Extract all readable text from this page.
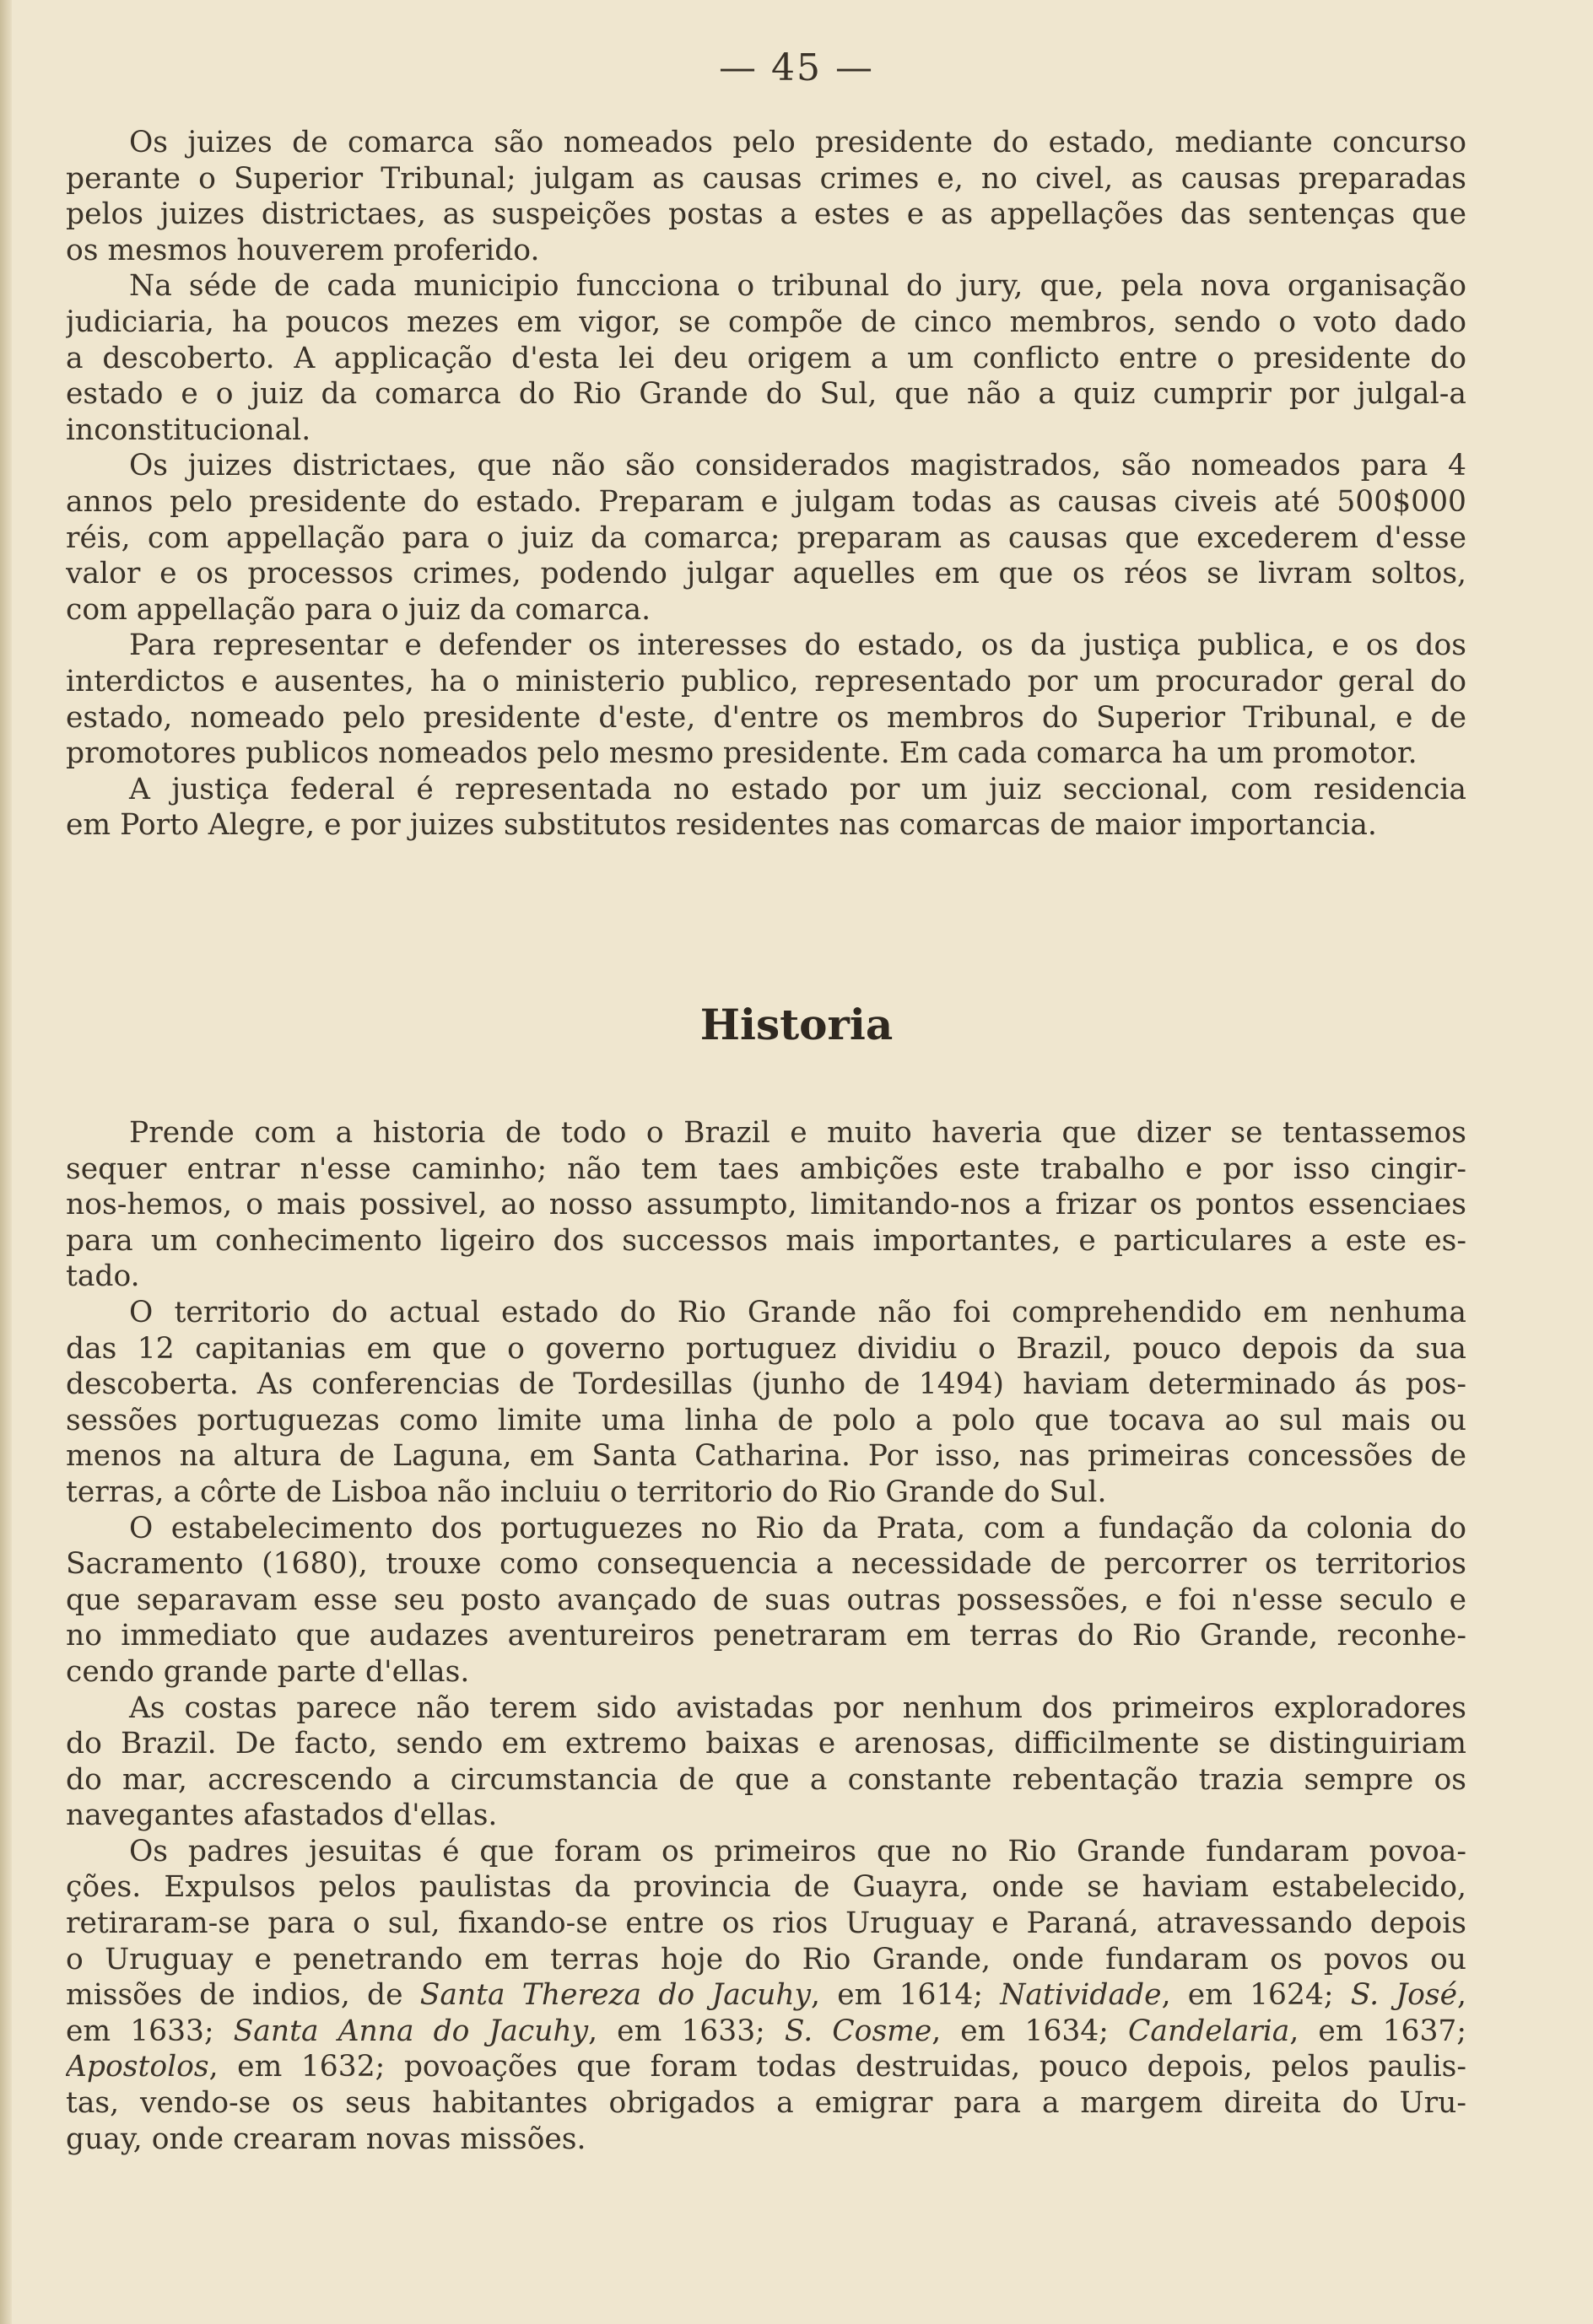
— 45 —
Os juizes de comarca são nomeados pelo presidente do estado, mediante concurso
perante o Superior Tribunal; julgam as causas crimes e, no civel, as causas preparadas
pelos juizes districtaes, as suspeições postas a estes e as appellações das sentenças que
os mesmos houverem proferido.
Na séde de cada municipio funcciona o tribunal do jury, que, pela nova organisação
judiciaria, ha poucos mezes em vigor, se compõe de cinco membros, sendo o voto dado
a descoberto. A applicação d'esta lei deu origem a um conflicto entre o presidente do
estado e o juiz da comarca do Rio Grande do Sul, que não a quiz cumprir por julgal-a
inconstitucional.
Os juizes districtaes, que não são considerados magistrados, são nomeados para 4
annos pelo presidente do estado. Preparam e julgam todas as causas civeis até 500$000
réis, com appellação para o juiz da comarca; preparam as causas que excederem d'esse
valor e os processos crimes, podendo julgar aquelles em que os réos se livram soltos,
com appellação para o juiz da comarca.
Para representar e defender os interesses do estado, os da justiça publica, e os dos
interdictos e ausentes, ha o ministerio publico, representado por um procurador geral do
estado, nomeado pelo presidente d'este, d'entre os membros do Superior Tribunal, e de
promotores publicos nomeados pelo mesmo presidente. Em cada comarca ha um promotor.
A justiça federal é representada no estado por um juiz seccional, com residencia
em Porto Alegre, e por juizes substitutos residentes nas comarcas de maior importancia.
Historia
Prende com a historia de todo o Brazil e muito haveria que dizer se tentassemos
sequer entrar n'esse caminho; não tem taes ambições este trabalho e por isso cingir-
nos-hemos, o mais possivel, ao nosso assumpto, limitando-nos a frizar os pontos essenciaes
para um conhecimento ligeiro dos successos mais importantes, e particulares a este es-
tado.
O territorio do actual estado do Rio Grande não foi comprehendido em nenhuma
das 12 capitanias em que o governo portuguez dividiu o Brazil, pouco depois da sua
descoberta. As conferencias de Tordesillas (junho de 1494) haviam determinado ás pos-
sessões portuguezas como limite uma linha de polo a polo que tocava ao sul mais ou
menos na altura de Laguna, em Santa Catharina. Por isso, nas primeiras concessões de
terras, a côrte de Lisboa não incluiu o territorio do Rio Grande do Sul.
O estabelecimento dos portuguezes no Rio da Prata, com a fundação da colonia do
Sacramento (1680), trouxe como consequencia a necessidade de percorrer os territorios
que separavam esse seu posto avançado de suas outras possessões, e foi n'esse seculo e
no immediato que audazes aventureiros penetraram em terras do Rio Grande, reconhe-
cendo grande parte d'ellas.
As costas parece não terem sido avistadas por nenhum dos primeiros exploradores
do Brazil. De facto, sendo em extremo baixas e arenosas, difficilmente se distinguiriam
do mar, accrescendo a circumstancia de que a constante rebentação trazia sempre os
navegantes afastados d'ellas.
Os padres jesuitas é que foram os primeiros que no Rio Grande fundaram povoa-
ções. Expulsos pelos paulistas da provincia de Guayra, onde se haviam estabelecido,
retiraram-se para o sul, fixando-se entre os rios Uruguay e Paraná, atravessando depois
o Uruguay e penetrando em terras hoje do Rio Grande, onde fundaram os povos ou
missões de indios, de Santa Thereza do Jacuhy, em 1614; Natividade, em 1624; S. José,
em 1633; Santa Anna do Jacuhy, em 1633; S. Cosme, em 1634; Candelaria, em 1637;
Apostolos, em 1632; povoações que foram todas destruidas, pouco depois, pelos paulis-
tas, vendo-se os seus habitantes obrigados a emigrar para a margem direita do Uru-
guay, onde crearam novas missões.
